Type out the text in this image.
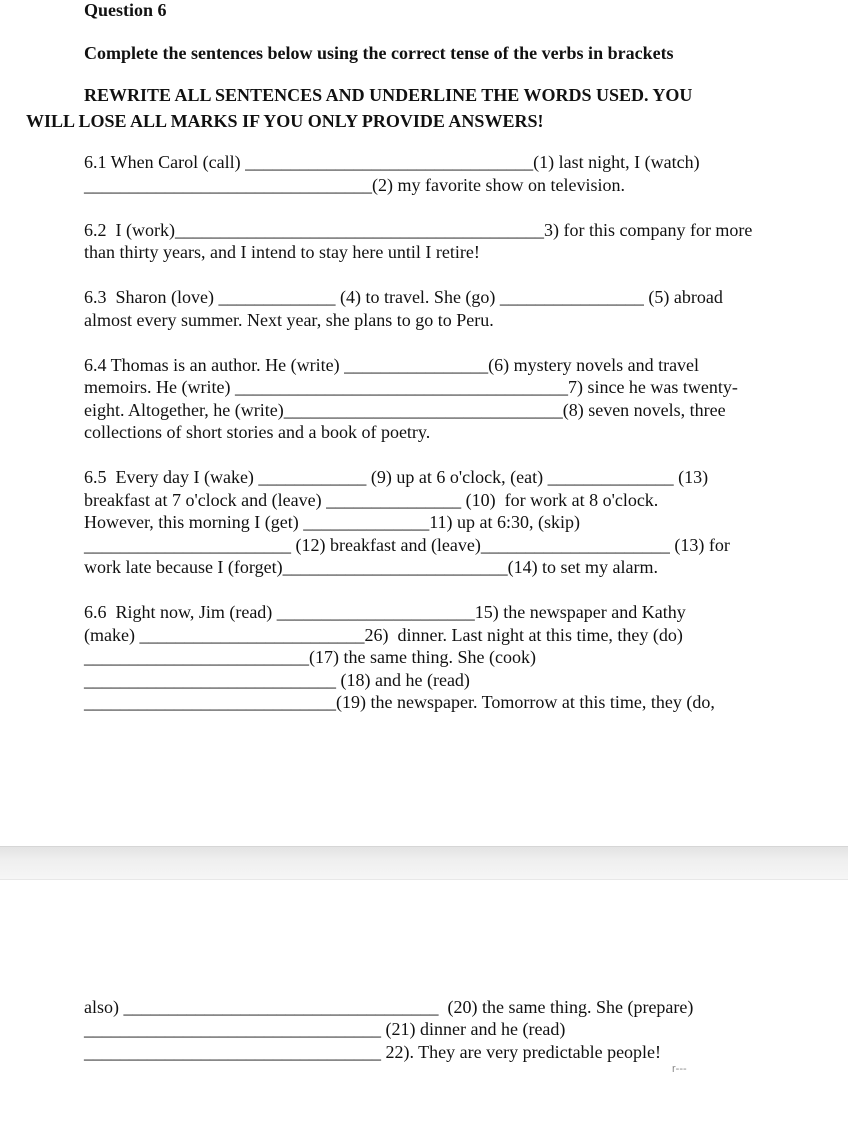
Question 6
Complete the sentences below using the correct tense of the verbs in brackets
REWRITE ALL SENTENCES AND UNDERLINE THE WORDS USED. YOU
WILL LOSE ALL MARKS IF YOU ONLY PROVIDE ANSWERS!
6.1 When Carol (call) ________________________________(1) last night, I (watch)
________________________________(2) my favorite show on television.
6.2  I (work)_________________________________________3) for this company for more
than thirty years, and I intend to stay here until I retire!
6.3  Sharon (love) _____________ (4) to travel. She (go) ________________ (5) abroad
almost every summer. Next year, she plans to go to Peru.
6.4 Thomas is an author. He (write) ________________(6) mystery novels and travel
memoirs. He (write) _____________________________________7) since he was twenty-
eight. Altogether, he (write)_______________________________(8) seven novels, three
collections of short stories and a book of poetry.
6.5  Every day I (wake) ____________ (9) up at 6 o'clock, (eat) ______________ (13)
breakfast at 7 o'clock and (leave) _______________ (10)  for work at 8 o'clock.
However, this morning I (get) ______________11) up at 6:30, (skip)
_______________________ (12) breakfast and (leave)_____________________ (13) for
work late because I (forget)_________________________(14) to set my alarm.
6.6  Right now, Jim (read) ______________________15) the newspaper and Kathy
(make) _________________________26)  dinner. Last night at this time, they (do)
_________________________(17) the same thing. She (cook)
____________________________ (18) and he (read)
____________________________(19) the newspaper. Tomorrow at this time, they (do,
also) ___________________________________  (20) the same thing. She (prepare)
_________________________________ (21) dinner and he (read)
_________________________________ 22). They are very predictable people!
r---
